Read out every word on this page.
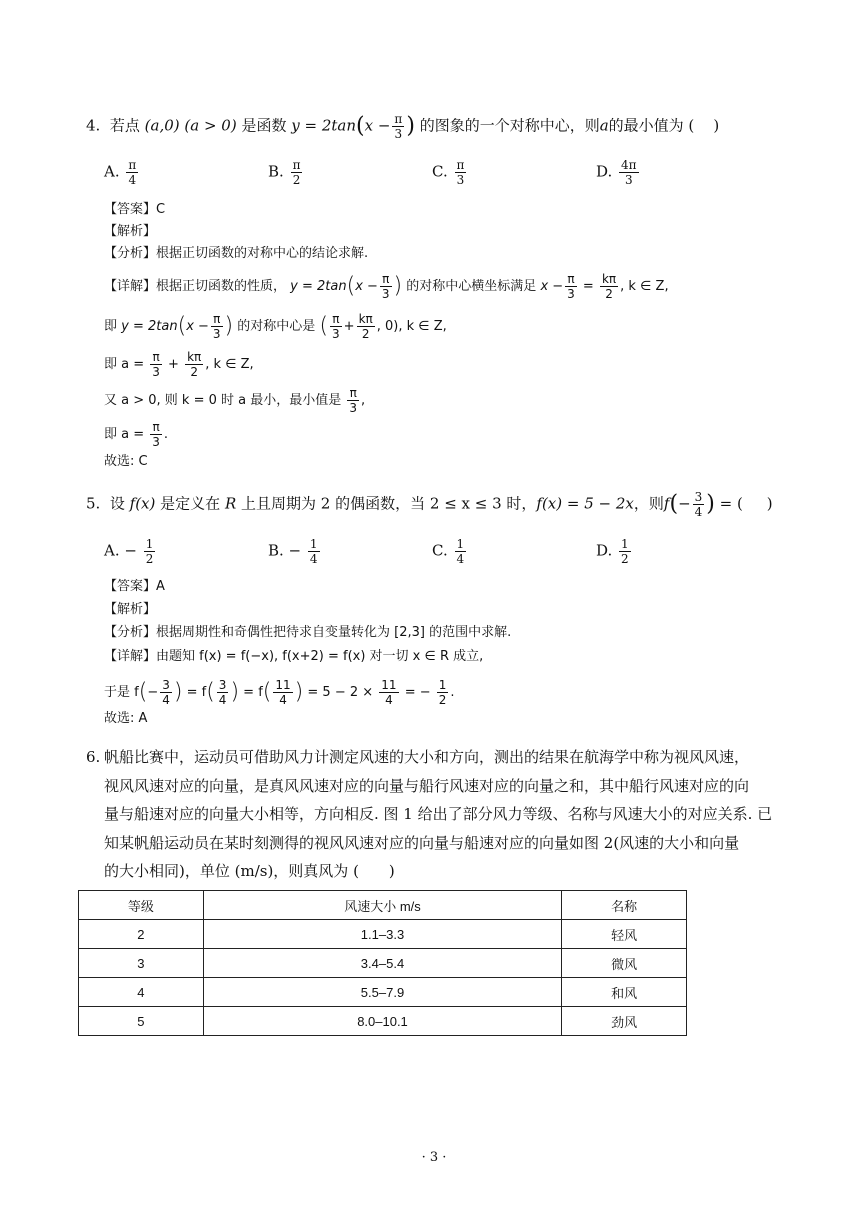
4. 若点 (a,0) (a > 0) 是函数 $y = 2\tan(x - \frac{\pi}{3}$ ) 的图象的一个对称中心，则a的最小值为 ( )
A. $\frac{\pi}{4}$	B. $\frac{\pi}{2}$	C. $\frac{\pi}{3}$	D. $\frac{4\pi}{3}$
【答案】C
【解析】
【分析】根据正切函数的对称中心的结论求解.
【详解】根据正切函数的性质， $y = 2\tan(x - \frac{\pi}{3}$ ) 的对称中心横坐标满足 $x - \frac{\pi}{3} = \frac{k\pi}{2}$ , k ∈ Z,
即 $y = 2\tan(x - \frac{\pi}{3}$ ) 的对称中心是 ( $\frac{\pi}{3} + \frac{k\pi}{2}$ , 0), k ∈ Z,
即 $a = \frac{\pi}{3} + \frac{k\pi}{2}$ , k ∈ Z,
又 a > 0, 则 k = 0 时 a 最小，最小值是 $\frac{\pi}{3}$ ,
即 $a = \frac{\pi}{3}$ .
故选: C
5. 设 f(x) 是定义在 R 上且周期为 2 的偶函数，当 2 ≤ x ≤ 3 时，f(x) = 5 − 2x，则$f(- \frac{3}{4}$ ) = ( )
A. − $\frac{1}{2}$	B. − $\frac{1}{4}$	C. $\frac{1}{4}$	D. $\frac{1}{2}$
【答案】A
【解析】
【分析】根据周期性和奇偶性把待求自变量转化为 [2,3] 的范围中求解.
【详解】由题知 f(x) = f(−x), f(x+2) = f(x) 对一切 x ∈ R 成立,
于是 $f(- \frac{3}{4}$ ) = $f( \frac{3}{4}$ ) = $f( \frac{11}{4}$ ) = $5 - 2 \times \frac{11}{4}$ = − $\frac{1}{2}$ .
故选: A
6. 帆船比赛中，运动员可借助风力计测定风速的大小和方向，测出的结果在航海学中称为视风风速，
视风风速对应的向量，是真风风速对应的向量与船行风速对应的向量之和，其中船行风速对应的向
量与船速对应的向量大小相等，方向相反. 图 1 给出了部分风力等级、名称与风速大小的对应关系. 已
知某帆船运动员在某时刻测得的视风风速对应的向量与船速对应的向量如图 2(风速的大小和向量
的大小相同)，单位 (m/s)，则真风为 (　　)
等级	风速大小 m/s	名称
2	1.1–3.3	轻风
3	3.4–5.4	微风
4	5.5–7.9	和风
5	8.0–10.1	劲风
· 3 ·
